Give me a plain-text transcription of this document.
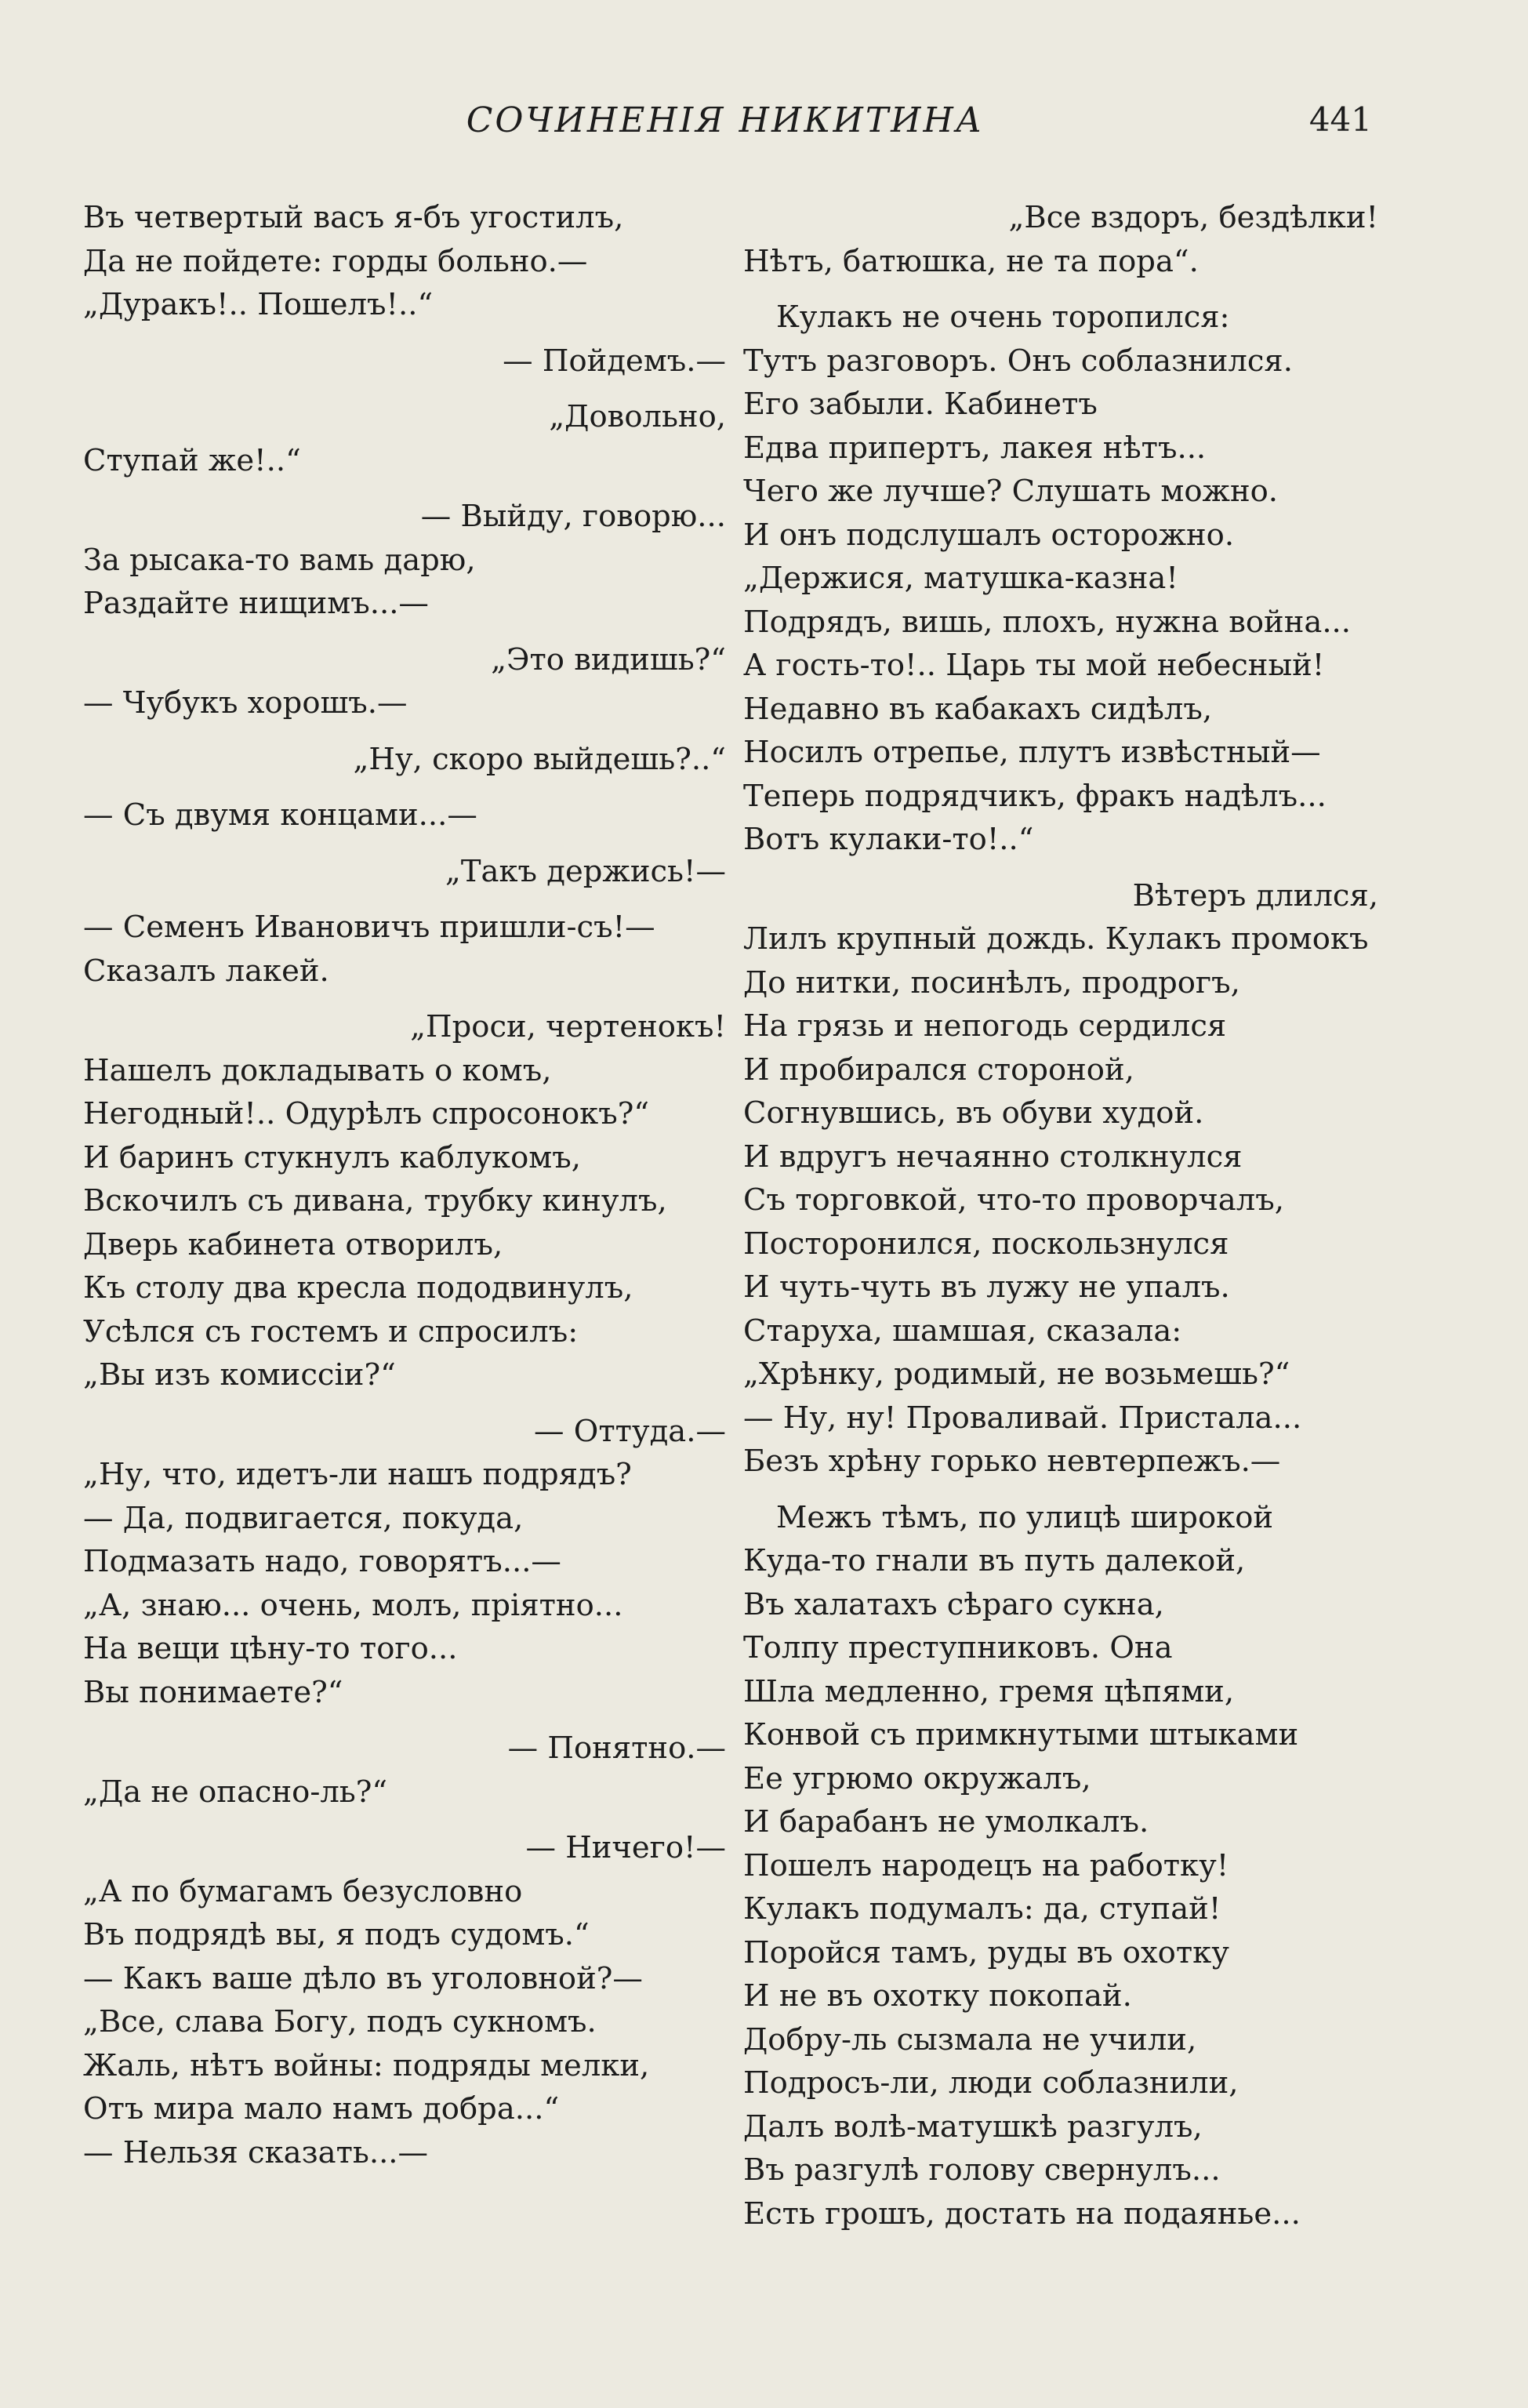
СОЧИНЕНІЯ НИКИТИНА	441
Въ четвертый васъ я-бъ угостилъ,
Да не пойдете: горды больно.—
„Дуракъ!.. Пошелъ!..“
— Пойдемъ.—
„Довольно,
Ступай же!..“
— Выйду, говорю...
За рысака-то вамь дарю,
Раздайте нищимъ...—
„Это видишь?“
— Чубукъ хорошъ.—
„Ну, скоро выйдешь?..“
— Съ двумя концами...—
„Такъ держись!—
— Семенъ Ивановичъ пришли-съ!—
Сказалъ лакей.
„Проси, чертенокъ!
Нашелъ докладывать о комъ,
Негодный!.. Одурѣлъ спросонокъ?“
И баринъ стукнулъ каблукомъ,
Вскочилъ съ дивана, трубку кинулъ,
Дверь кабинета отворилъ,
Къ столу два кресла пододвинулъ,
Усѣлся съ гостемъ и спросилъ:
„Вы изъ комиссіи?“
— Оттуда.—
„Ну, что, идетъ-ли нашъ подрядъ?
— Да, подвигается, покуда,
Подмазать надо, говорятъ...—
„А, знаю... очень, молъ, пріятно...
На вещи цѣну-то того...
Вы понимаете?“
— Понятно.—
„Да не опасно-ль?“
— Ничего!—
„А по бумагамъ безусловно
Въ подрядѣ вы, я подъ судомъ.“
— Какъ ваше дѣло въ уголовной?—
„Все, слава Богу, подъ сукномъ.
Жаль, нѣтъ войны: подряды мелки,
Отъ мира мало намъ добра...“
— Нельзя сказать...—
„Все вздоръ, бездѣлки!
Нѣтъ, батюшка, не та пора“.
Кулакъ не очень торопился:
Тутъ разговоръ. Онъ соблазнился.
Его забыли. Кабинетъ
Едва припертъ, лакея нѣтъ...
Чего же лучше? Слушать можно.
И онъ подслушалъ осторожно.
„Держися, матушка-казна!
Подрядъ, вишь, плохъ, нужна война...
А гость-то!.. Царь ты мой небесный!
Недавно въ кабакахъ сидѣлъ,
Носилъ отрепье, плутъ извѣстный—
Теперь подрядчикъ, фракъ надѣлъ...
Вотъ кулаки-то!..“
Вѣтеръ длился,
Лилъ крупный дождь. Кулакъ промокъ
До нитки, посинѣлъ, продрогъ,
На грязь и непогодь сердился
И пробирался стороной,
Согнувшись, въ обуви худой.
И вдругъ нечаянно столкнулся
Съ торговкой, что-то проворчалъ,
Посторонился, поскользнулся
И чуть-чуть въ лужу не упалъ.
Старуха, шамшая, сказала:
„Хрѣнку, родимый, не возьмешь?“
— Ну, ну! Проваливай. Пристала...
Безъ хрѣну горько невтерпежъ.—
Межъ тѣмъ, по улицѣ широкой
Куда-то гнали въ путь далекой,
Въ халатахъ сѣраго сукна,
Толпу преступниковъ. Она
Шла медленно, гремя цѣпями,
Конвой съ примкнутыми штыками
Ее угрюмо окружалъ,
И барабанъ не умолкалъ.
Пошелъ народецъ на работку!
Кулакъ подумалъ: да, ступай!
Поройся тамъ, руды въ охотку
И не въ охотку покопай.
Добру-ль сызмала не учили,
Подросъ-ли, люди соблазнили,
Далъ волѣ-матушкѣ разгулъ,
Въ разгулѣ голову свернулъ...
Есть грошъ, достать на подаянье...
